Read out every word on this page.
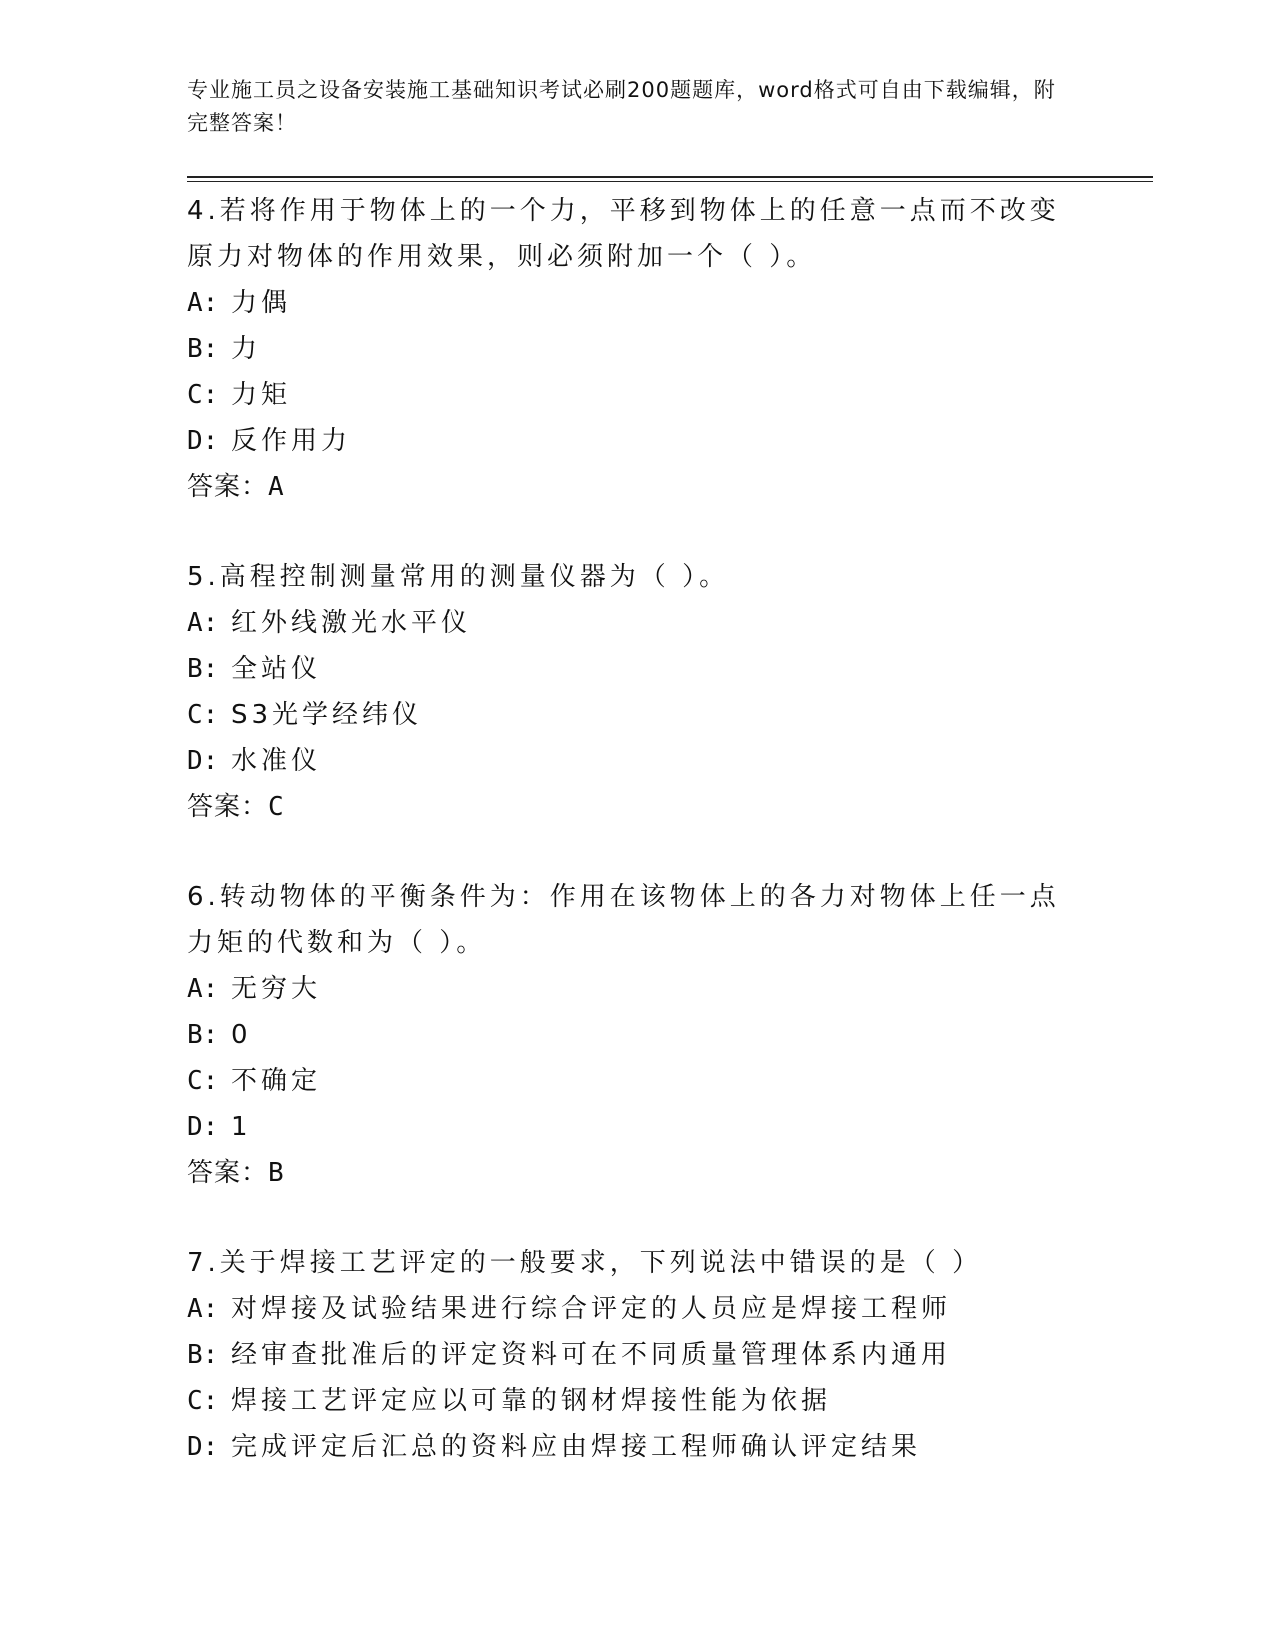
专业施工员之设备安装施工基础知识考试必刷200题题库，word格式可自由下载编辑，附完整答案！
4.若将作用于物体上的一个力，平移到物体上的任意一点而不改变原力对物体的作用效果，则必须附加一个（ ）。
A: 力偶
B: 力
C: 力矩
D: 反作用力
答案：A
5.高程控制测量常用的测量仪器为（ ）。
A: 红外线激光水平仪
B: 全站仪
C: S3光学经纬仪
D: 水准仪
答案：C
6.转动物体的平衡条件为：作用在该物体上的各力对物体上任一点力矩的代数和为（ ）。
A: 无穷大
B: 0
C: 不确定
D: 1
答案：B
7.关于焊接工艺评定的一般要求，下列说法中错误的是（ ）
A: 对焊接及试验结果进行综合评定的人员应是焊接工程师
B: 经审查批准后的评定资料可在不同质量管理体系内通用
C: 焊接工艺评定应以可靠的钢材焊接性能为依据
D: 完成评定后汇总的资料应由焊接工程师确认评定结果
